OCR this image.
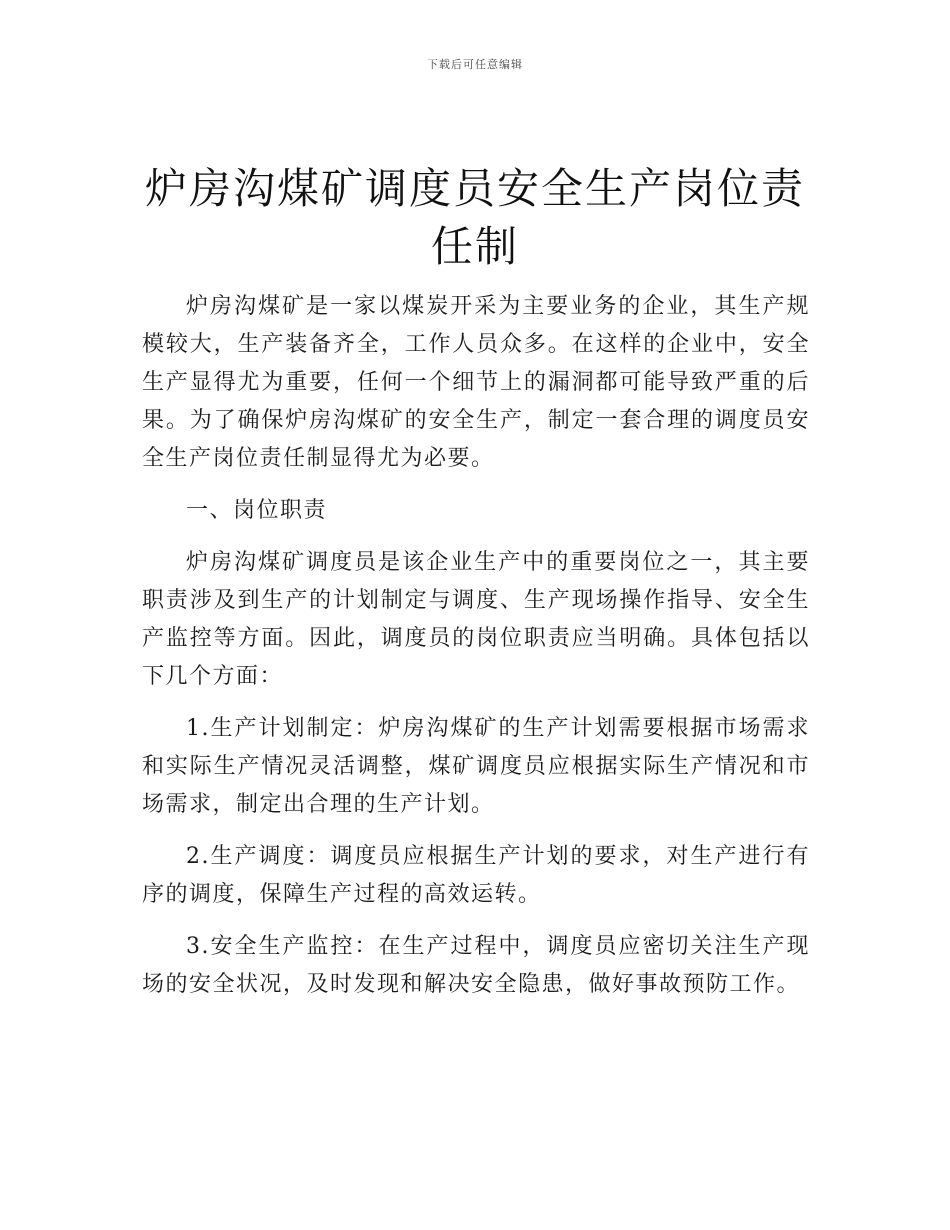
下载后可任意编辑
炉房沟煤矿调度员安全生产岗位责任制

炉房沟煤矿是一家以煤炭开采为主要业务的企业，其生产规模较大，生产装备齐全，工作人员众多。在这样的企业中，安全生产显得尤为重要，任何一个细节上的漏洞都可能导致严重的后果。为了确保炉房沟煤矿的安全生产，制定一套合理的调度员安全生产岗位责任制显得尤为必要。

一、岗位职责

炉房沟煤矿调度员是该企业生产中的重要岗位之一，其主要职责涉及到生产的计划制定与调度、生产现场操作指导、安全生产监控等方面。因此，调度员的岗位职责应当明确。具体包括以下几个方面：

1.生产计划制定：炉房沟煤矿的生产计划需要根据市场需求和实际生产情况灵活调整，煤矿调度员应根据实际生产情况和市场需求，制定出合理的生产计划。

2.生产调度：调度员应根据生产计划的要求，对生产进行有序的调度，保障生产过程的高效运转。

3.安全生产监控：在生产过程中，调度员应密切关注生产现场的安全状况，及时发现和解决安全隐患，做好事故预防工作。
